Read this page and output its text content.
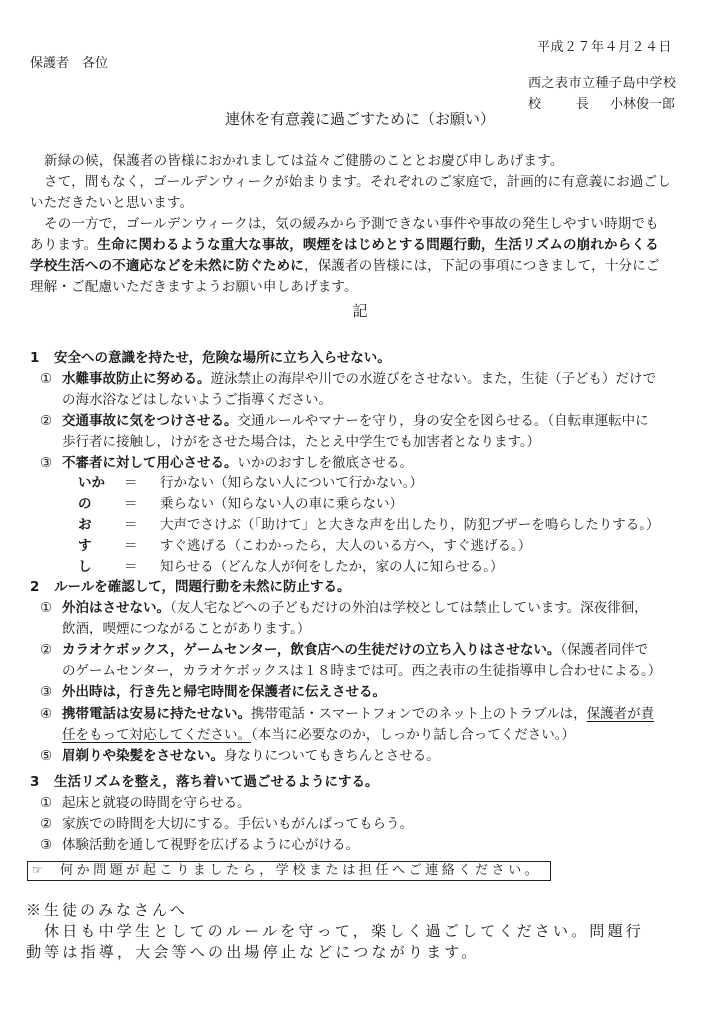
平成２７年４月２４日
保護者　各位
西之表市立種子島中学校
校	長 小林俊一郎
連休を有意義に過ごすために（お願い）
新緑の候，保護者の皆様におかれましては益々ご健勝のこととお慶び申しあげます。
さて，間もなく，ゴールデンウィークが始まります。それぞれのご家庭で，計画的に有意義にお過ごし
いただきたいと思います。
その一方で，ゴールデンウィークは，気の緩みから予測できない事件や事故の発生しやすい時期でも
あります。生命に関わるような重大な事故，喫煙をはじめとする問題行動，生活リズムの崩れからくる
学校生活への不適応などを未然に防ぐために，保護者の皆様には，下記の事項につきまして，十分にご
理解・ご配慮いただきますようお願い申しあげます。
記
1 安全への意識を持たせ，危険な場所に立ち入らせない。
① 水難事故防止に努める。遊泳禁止の海岸や川での水遊びをさせない。また，生徒（子ども）だけで
の海水浴などはしないようご指導ください。
② 交通事故に気をつけさせる。交通ルールやマナーを守り，身の安全を図らせる。（自転車運転中に
歩行者に接触し，けがをさせた場合は，たとえ中学生でも加害者となります。）
③ 不審者に対して用心させる。いかのおすしを徹底させる。
いか ＝ 行かない（知らない人について行かない。）
の ＝ 乗らない（知らない人の車に乗らない）
お ＝ 大声でさけぶ（「助けて」と大きな声を出したり，防犯ブザーを鳴らしたりする。）
す ＝ すぐ逃げる（こわかったら，大人のいる方へ，すぐ逃げる。）
し ＝ 知らせる（どんな人が何をしたか，家の人に知らせる。）
2 ルールを確認して，問題行動を未然に防止する。
① 外泊はさせない。（友人宅などへの子どもだけの外泊は学校としては禁止しています。深夜徘徊，
飲酒，喫煙につながることがあります。）
② カラオケボックス，ゲームセンター，飲食店への生徒だけの立ち入りはさせない。（保護者同伴で
のゲームセンター，カラオケボックスは１８時までは可。西之表市の生徒指導申し合わせによる。）
③ 外出時は，行き先と帰宅時間を保護者に伝えさせる。
④ 携帯電話は安易に持たせない。携帯電話・スマートフォンでのネット上のトラブルは，保護者が責
任をもって対応してください。（本当に必要なのか，しっかり話し合ってください。）
⑤ 眉剃りや染髪をさせない。身なりについてもきちんとさせる。
3 生活リズムを整え，落ち着いて過ごせるようにする。
① 起床と就寝の時間を守らせる。
② 家族での時間を大切にする。手伝いもがんばってもらう。
③ 体験活動を通して視野を広げるように心がける。
☞ 何か問題が起こりましたら，学校または担任へご連絡ください。
※生徒のみなさんへ
休日も中学生としてのルールを守って，楽しく過ごしてください。問題行
動等は指導，大会等への出場停止などにつながります。
